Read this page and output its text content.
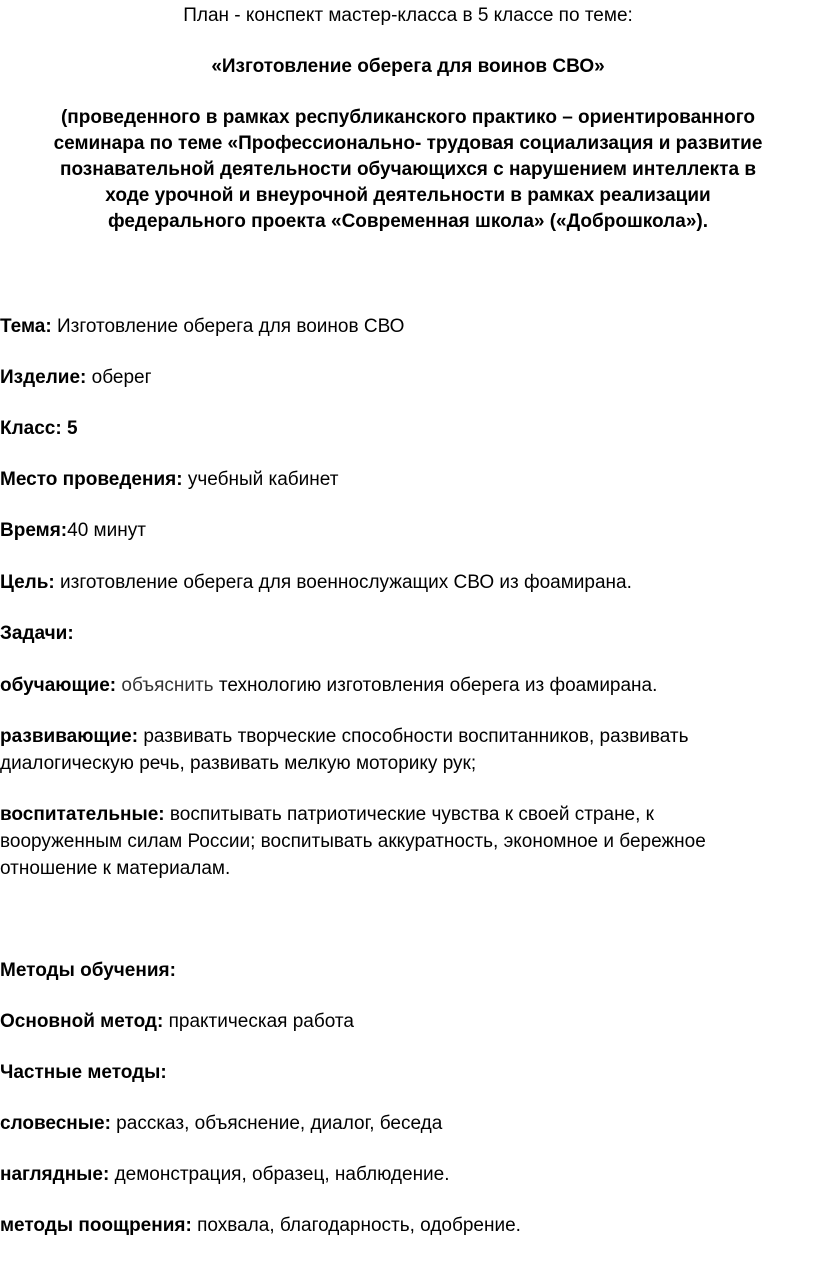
План - конспект мастер-класса в 5 классе по теме:
«Изготовление оберега для воинов СВО»
(проведенного в рамках республиканского практико – ориентированного
семинара по теме «Профессионально- трудовая социализация и развитие
познавательной деятельности обучающихся с нарушением интеллекта в
ходе урочной и внеурочной деятельности в рамках реализации
федерального проекта «Современная школа» («Доброшкола»).
Тема: Изготовление оберега для воинов СВО
Изделие: оберег
Класс: 5
Место проведения: учебный кабинет
Время:40 минут
Цель: изготовление оберега для военнослужащих СВО из фоамирана.
Задачи:
обучающие: объяснить технологию изготовления оберега из фоамирана.
развивающие: развивать творческие способности воспитанников, развивать
диалогическую речь, развивать мелкую моторику рук;
воспитательные: воспитывать патриотические чувства к своей стране, к
вооруженным силам России; воспитывать аккуратность, экономное и бережное
отношение к материалам.
Методы обучения:
Основной метод: практическая работа
Частные методы:
словесные: рассказ, объяснение, диалог, беседа
наглядные: демонстрация, образец, наблюдение.
методы поощрения: похвала, благодарность, одобрение.
